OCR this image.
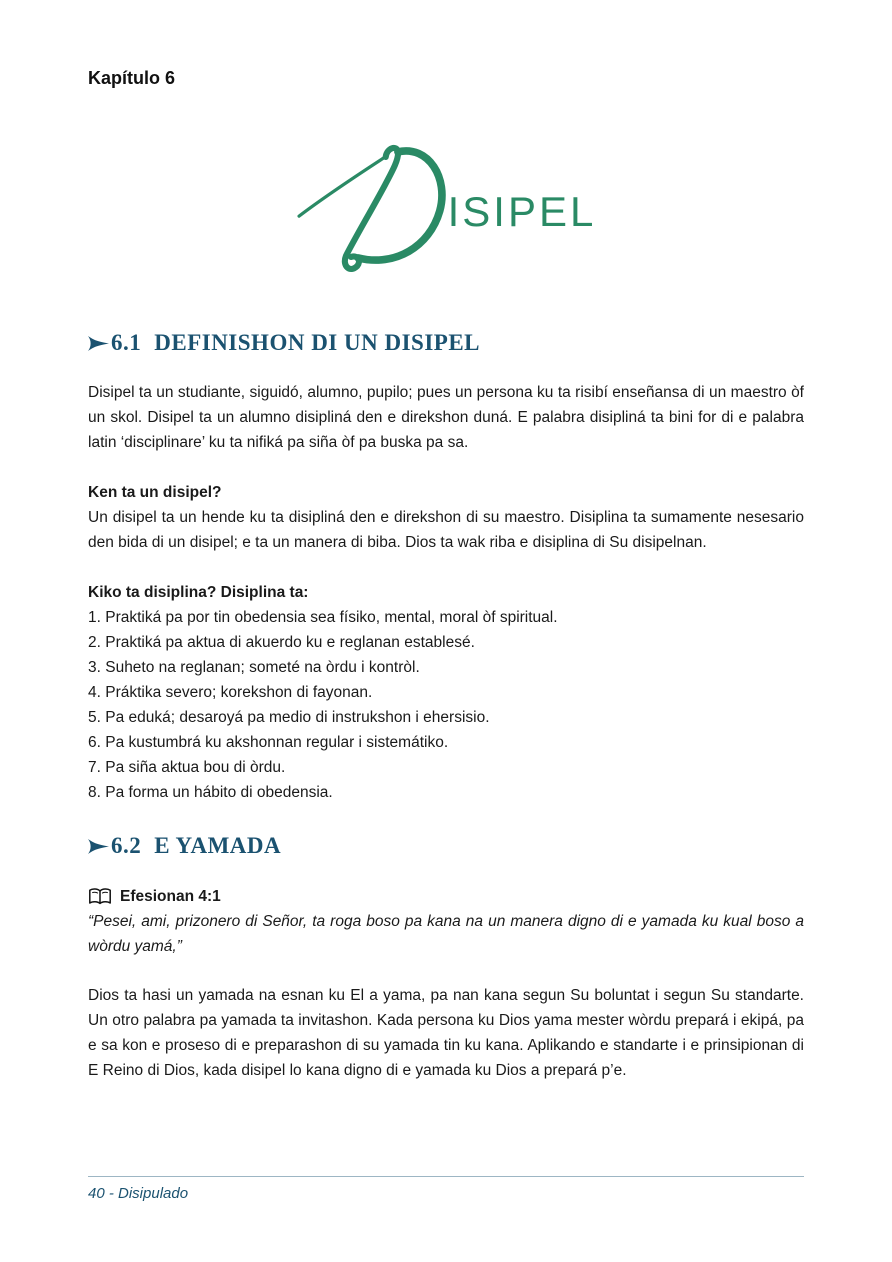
Kapítulo 6
ISIPEL
6.1 DEFINISHON DI UN DISIPEL

Disipel ta un studiante, siguidó, alumno, pupilo; pues un persona ku ta risibí enseñansa di un maestro òf un skol. Disipel ta un alumno disipliná den e direkshon duná. E palabra disipliná ta bini for di e palabra latin ‘disciplinare’ ku ta nifiká pa siña òf pa buska pa sa.

Ken ta un disipel?

Un disipel ta un hende ku ta disipliná den e direkshon di su maestro. Disiplina ta sumamente nesesario den bida di un disipel; e ta un manera di biba. Dios ta wak riba e disiplina di Su disipelnan.

Kiko ta disiplina? Disiplina ta:
1. Praktiká pa por tin obedensia sea físiko, mental, moral òf spiritual.
2. Praktiká pa aktua di akuerdo ku e reglanan establesé.
3. Suheto na reglanan; someté na òrdu i kontròl.
4. Práktika severo; korekshon di fayonan.
5. Pa eduká; desaroyá pa medio di instrukshon i ehersisio.
6. Pa kustumbrá ku akshonnan regular i sistemátiko.
7. Pa siña aktua bou di òrdu.
8. Pa forma un hábito di obedensia.
6.2 E YAMADA
Efesionan 4:1

“Pesei, ami, prizonero di Señor, ta roga boso pa kana na un manera digno di e yamada ku kual boso a wòrdu yamá,”

Dios ta hasi un yamada na esnan ku El a yama, pa nan kana segun Su boluntat i segun Su standarte. Un otro palabra pa yamada ta invitashon. Kada persona ku Dios yama mester wòrdu prepará i ekipá, pa e sa kon e proseso di e preparashon di su yamada tin ku kana. Aplikando e standarte i e prinsipionan di E Reino di Dios, kada disipel lo kana digno di e yamada ku Dios a prepará p’e.

40 - Disipulado
